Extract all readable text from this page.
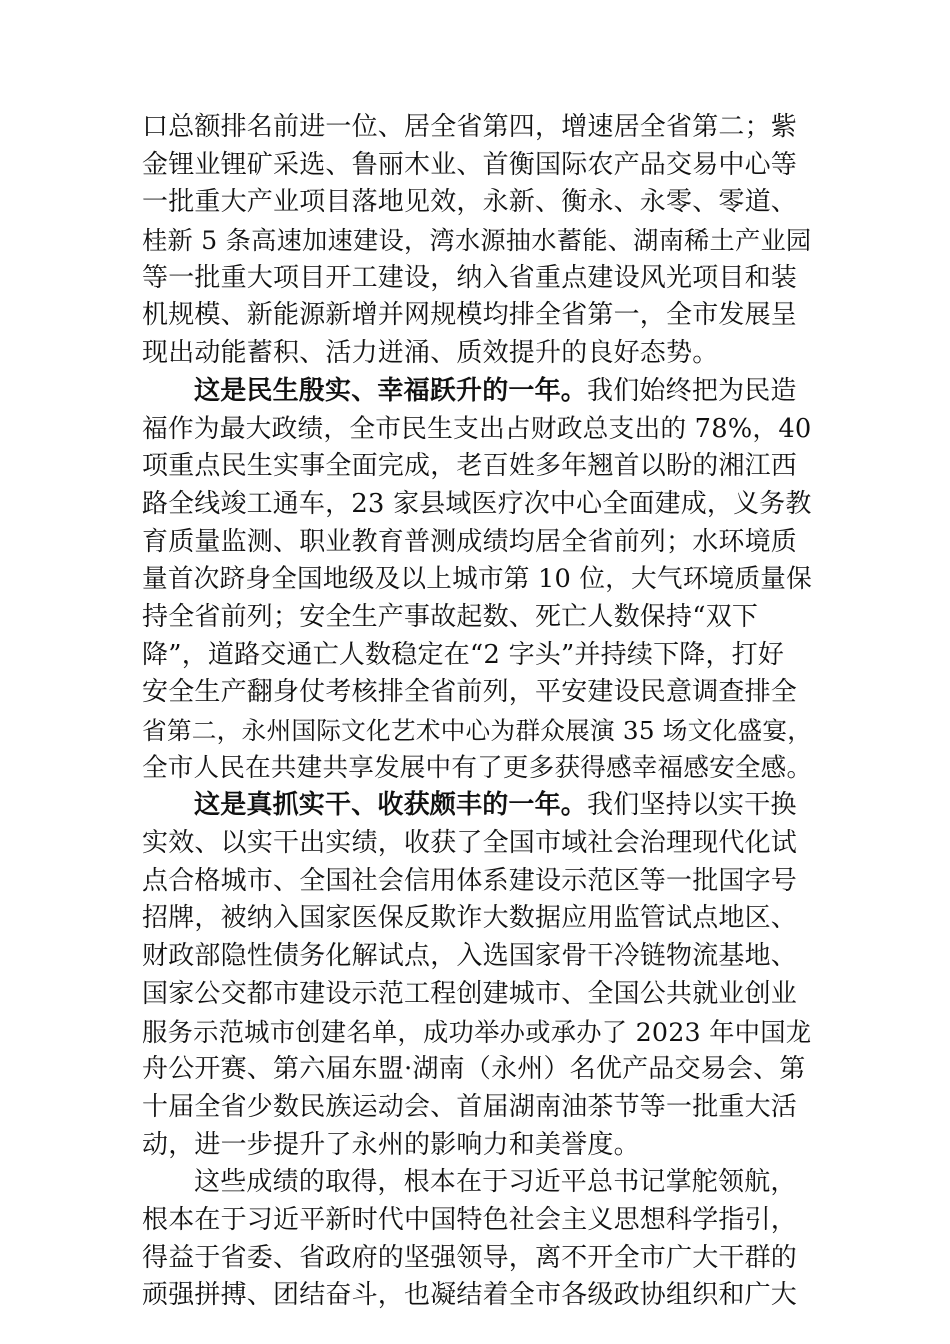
口总额排名前进一位、居全省第四，增速居全省第二；紫
金锂业锂矿采选、鲁丽木业、首衡国际农产品交易中心等
一批重大产业项目落地见效，永新、衡永、永零、零道、
桂新 5 条高速加速建设，湾水源抽水蓄能、湖南稀土产业园
等一批重大项目开工建设，纳入省重点建设风光项目和装
机规模、新能源新增并网规模均排全省第一，全市发展呈
现出动能蓄积、活力迸涌、质效提升的良好态势。
这是民生殷实、幸福跃升的一年。我们始终把为民造
福作为最大政绩，全市民生支出占财政总支出的 78%，40
项重点民生实事全面完成，老百姓多年翘首以盼的湘江西
路全线竣工通车，23 家县域医疗次中心全面建成，义务教
育质量监测、职业教育普测成绩均居全省前列；水环境质
量首次跻身全国地级及以上城市第 10 位，大气环境质量保
持全省前列；安全生产事故起数、死亡人数保持“双下
降”，道路交通亡人数稳定在“2 字头”并持续下降，打好
安全生产翻身仗考核排全省前列，平安建设民意调查排全
省第二，永州国际文化艺术中心为群众展演 35 场文化盛宴，
全市人民在共建共享发展中有了更多获得感幸福感安全感。
这是真抓实干、收获颇丰的一年。我们坚持以实干换
实效、以实干出实绩，收获了全国市域社会治理现代化试
点合格城市、全国社会信用体系建设示范区等一批国字号
招牌，被纳入国家医保反欺诈大数据应用监管试点地区、
财政部隐性债务化解试点，入选国家骨干冷链物流基地、
国家公交都市建设示范工程创建城市、全国公共就业创业
服务示范城市创建名单，成功举办或承办了 2023 年中国龙
舟公开赛、第六届东盟·湖南（永州）名优产品交易会、第
十届全省少数民族运动会、首届湖南油茶节等一批重大活
动，进一步提升了永州的影响力和美誉度。
这些成绩的取得，根本在于习近平总书记掌舵领航，
根本在于习近平新时代中国特色社会主义思想科学指引，
得益于省委、省政府的坚强领导，离不开全市广大干群的
顽强拼搏、团结奋斗，也凝结着全市各级政协组织和广大
